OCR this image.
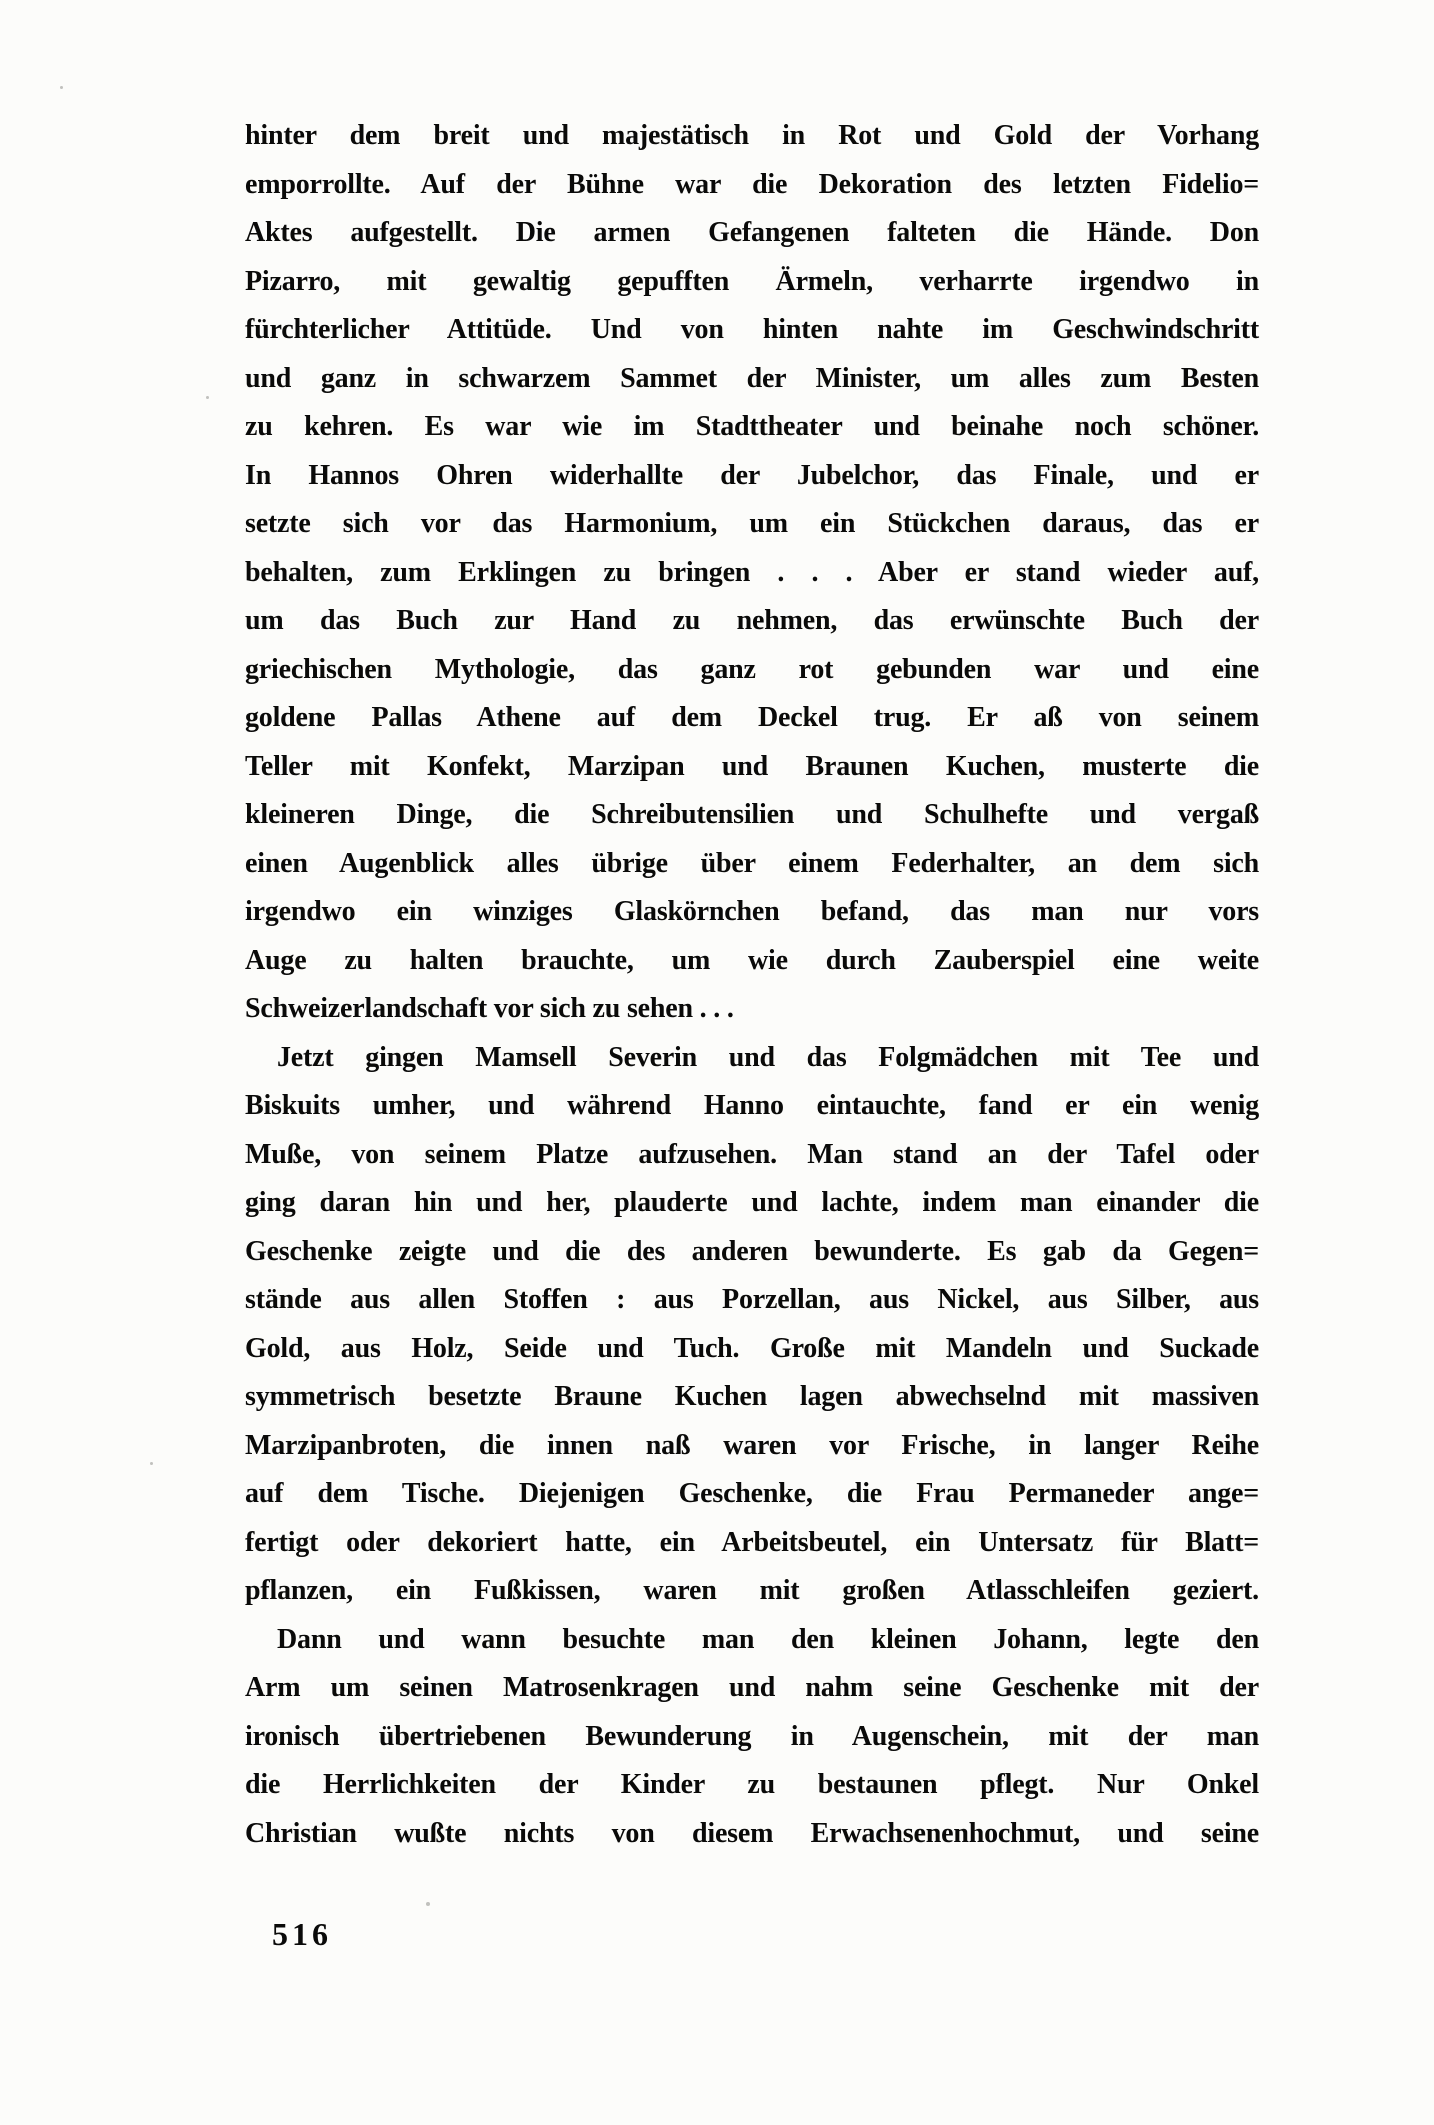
hinter dem breit und majestätisch in Rot und Gold der Vorhang
emporrollte. Auf der Bühne war die Dekoration des letzten Fidelio=
Aktes aufgestellt. Die armen Gefangenen falteten die Hände. Don
Pizarro, mit gewaltig gepufften Ärmeln, verharrte irgendwo in
fürchterlicher Attitüde. Und von hinten nahte im Geschwindschritt
und ganz in schwarzem Sammet der Minister, um alles zum Besten
zu kehren. Es war wie im Stadttheater und beinahe noch schöner.
In Hannos Ohren widerhallte der Jubelchor, das Finale, und er
setzte sich vor das Harmonium, um ein Stückchen daraus, das er
behalten, zum Erklingen zu bringen . . . Aber er stand wieder auf,
um das Buch zur Hand zu nehmen, das erwünschte Buch der
griechischen Mythologie, das ganz rot gebunden war und eine
goldene Pallas Athene auf dem Deckel trug. Er aß von seinem
Teller mit Konfekt, Marzipan und Braunen Kuchen, musterte die
kleineren Dinge, die Schreibutensilien und Schulhefte und vergaß
einen Augenblick alles übrige über einem Federhalter, an dem sich
irgendwo ein winziges Glaskörnchen befand, das man nur vors
Auge zu halten brauchte, um wie durch Zauberspiel eine weite
Schweizerlandschaft vor sich zu sehen . . .
Jetzt gingen Mamsell Severin und das Folgmädchen mit Tee und
Biskuits umher, und während Hanno eintauchte, fand er ein wenig
Muße, von seinem Platze aufzusehen. Man stand an der Tafel oder
ging daran hin und her, plauderte und lachte, indem man einander die
Geschenke zeigte und die des anderen bewunderte. Es gab da Gegen=
stände aus allen Stoffen : aus Porzellan, aus Nickel, aus Silber, aus
Gold, aus Holz, Seide und Tuch. Große mit Mandeln und Suckade
symmetrisch besetzte Braune Kuchen lagen abwechselnd mit massiven
Marzipanbroten, die innen naß waren vor Frische, in langer Reihe
auf dem Tische. Diejenigen Geschenke, die Frau Permaneder ange=
fertigt oder dekoriert hatte, ein Arbeitsbeutel, ein Untersatz für Blatt=
pflanzen, ein Fußkissen, waren mit großen Atlasschleifen geziert.
Dann und wann besuchte man den kleinen Johann, legte den
Arm um seinen Matrosenkragen und nahm seine Geschenke mit der
ironisch übertriebenen Bewunderung in Augenschein, mit der man
die Herrlichkeiten der Kinder zu bestaunen pflegt. Nur Onkel
Christian wußte nichts von diesem Erwachsenenhochmut, und seine
516
